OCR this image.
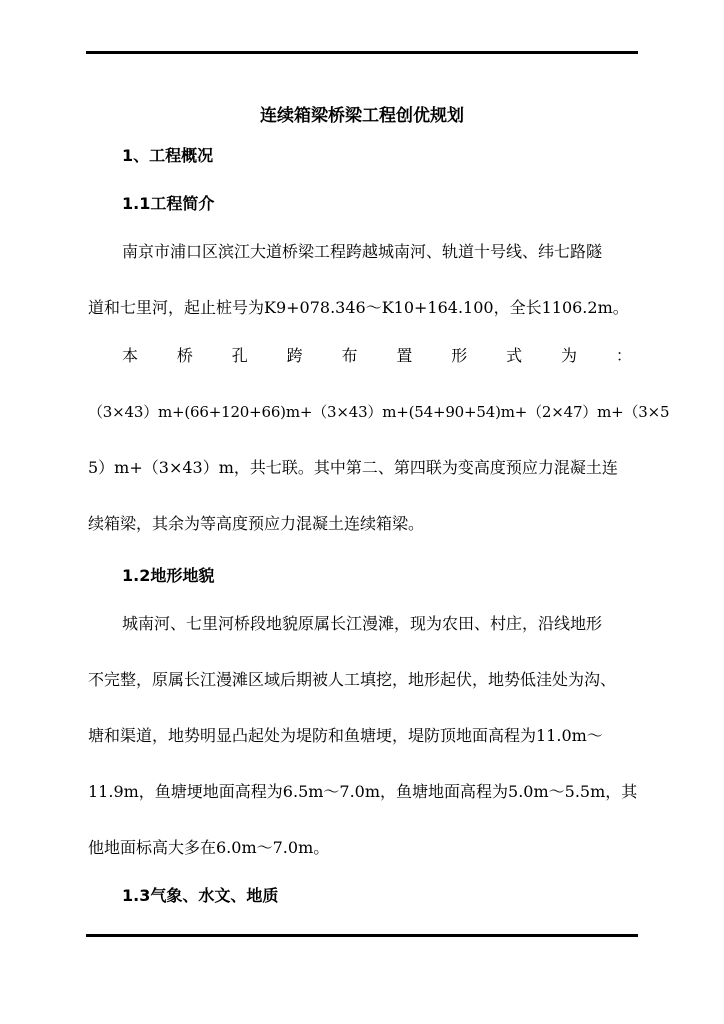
连续箱梁桥梁工程创优规划
1、工程概况
1.1工程简介
南京市浦口区滨江大道桥梁工程跨越城南河、轨道十号线、纬七路隧
道和七里河，起止桩号为K9+078.346～K10+164.100，全长1106.2m。
本 桥 孔 跨 布 置 形 式 为 ：
（3×43）m+(66+120+66)m+（3×43）m+(54+90+54)m+（2×47）m+（3×5
5）m+（3×43）m，共七联。其中第二、第四联为变高度预应力混凝土连
续箱梁，其余为等高度预应力混凝土连续箱梁。
1.2地形地貌
城南河、七里河桥段地貌原属长江漫滩，现为农田、村庄，沿线地形
不完整，原属长江漫滩区域后期被人工填挖，地形起伏，地势低洼处为沟、
塘和渠道，地势明显凸起处为堤防和鱼塘埂，堤防顶地面高程为11.0m～
11.9m，鱼塘埂地面高程为6.5m～7.0m，鱼塘地面高程为5.0m～5.5m，其
他地面标高大多在6.0m～7.0m。
1.3气象、水文、地质
